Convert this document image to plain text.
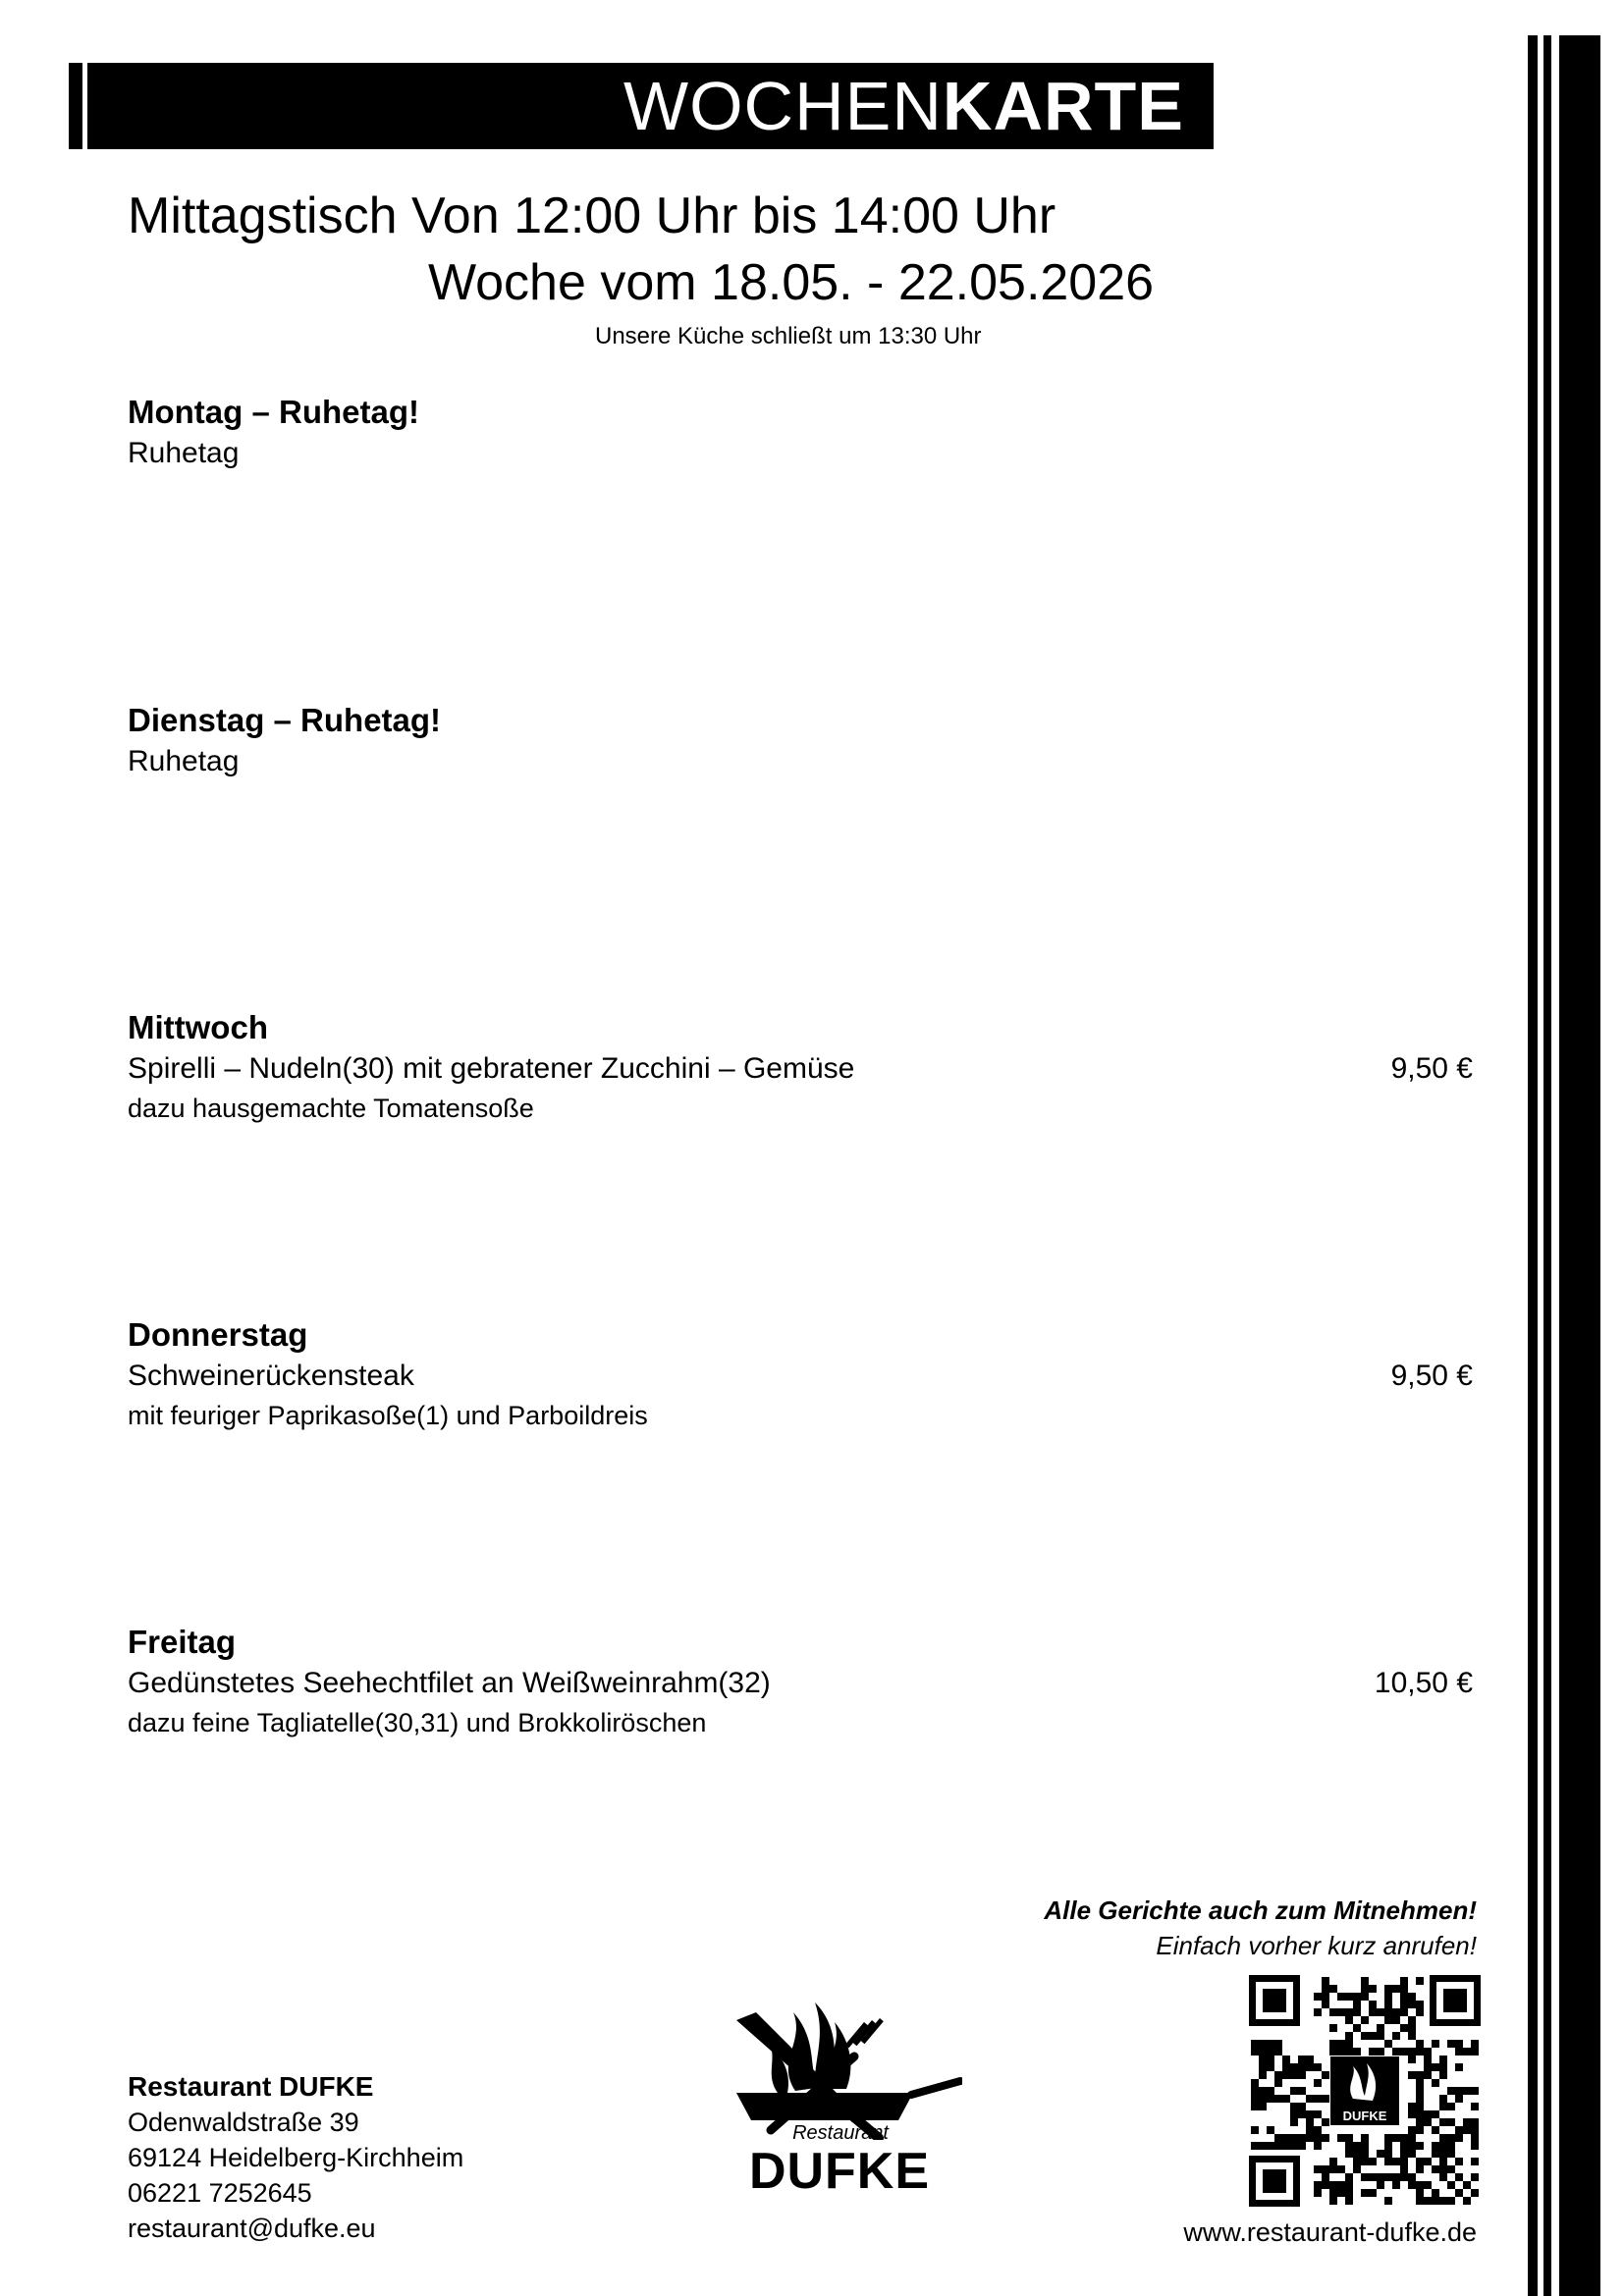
WOCHENKARTE
Mittagstisch Von 12:00 Uhr bis 14:00 Uhr
Woche vom 18.05. - 22.05.2026
Unsere Küche schließt um 13:30 Uhr
Montag – Ruhetag!
Ruhetag
Dienstag – Ruhetag!
Ruhetag
Mittwoch
Spirelli – Nudeln(30) mit gebratener Zucchini – Gemüse	9,50 €
dazu hausgemachte Tomatensoße
Donnerstag
Schweinerückensteak	9,50 €
mit feuriger Paprikasoße(1) und Parboildreis
Freitag
Gedünstetes Seehechtfilet an Weißweinrahm(32)	10,50 €
dazu feine Tagliatelle(30,31) und Brokkoliröschen
Alle Gerichte auch zum Mitnehmen!
Einfach vorher kurz anrufen!
Restaurant DUFKE
Odenwaldstraße 39
69124 Heidelberg-Kirchheim
06221 7252645
restaurant@dufke.eu
Restaurant
DUFKE
DUFKE
www.restaurant-dufke.de
